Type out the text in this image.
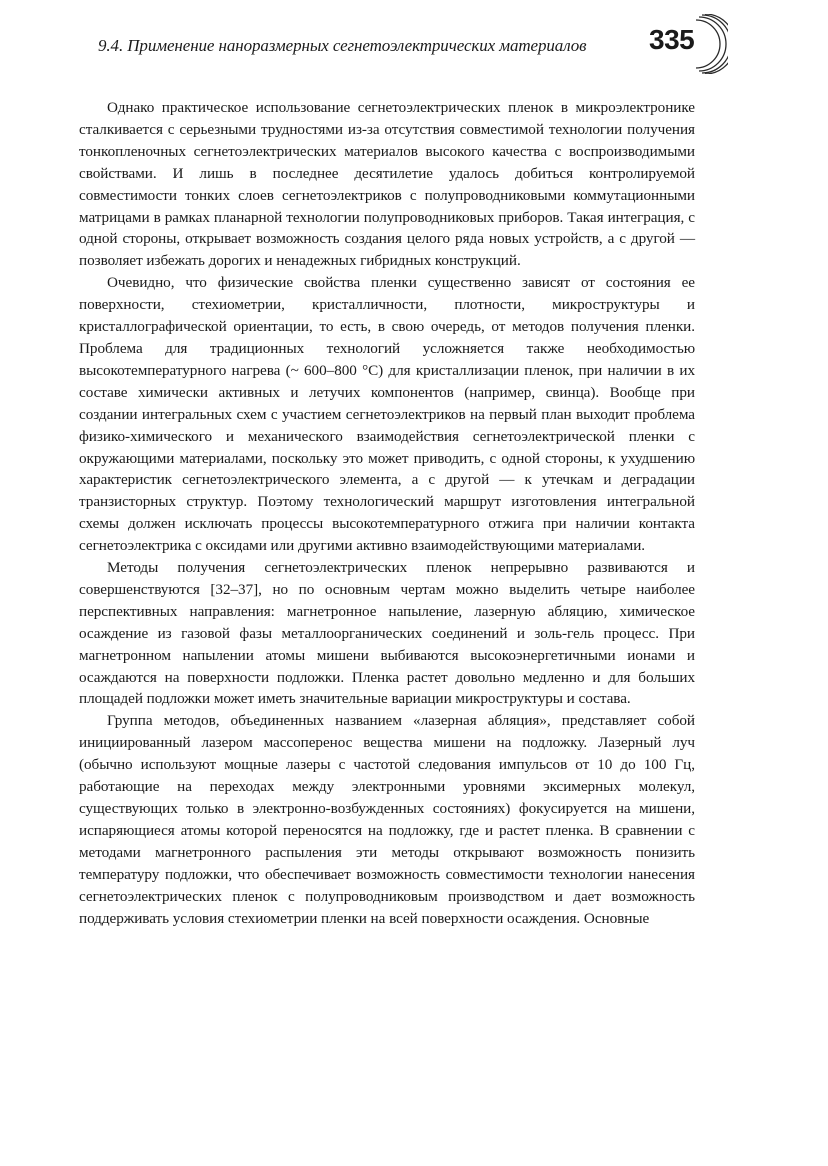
9.4. Применение наноразмерных сегнетоэлектрических материалов 335

Однако практическое использование сегнетоэлектрических пленок в микроэлектронике сталкивается с серьезными трудностями из-за отсутствия совместимой технологии получения тонкопленочных сегнетоэлектрических материалов высокого качества с воспроизводимыми свойствами. И лишь в последнее десятилетие удалось добиться контролируемой совместимости тонких слоев сегнетоэлектриков с полупроводниковыми коммутационными матрицами в рамках планарной технологии полупроводниковых приборов. Такая интеграция, с одной стороны, открывает возможность создания целого ряда новых устройств, а с другой — позволяет избежать дорогих и ненадежных гибридных конструкций.

Очевидно, что физические свойства пленки существенно зависят от состояния ее поверхности, стехиометрии, кристалличности, плотности, микроструктуры и кристаллографической ориентации, то есть, в свою очередь, от методов получения пленки. Проблема для традиционных технологий усложняется также необходимостью высокотемпературного нагрева (~ 600–800 °С) для кристаллизации пленок, при наличии в их составе химически активных и летучих компонентов (например, свинца). Вообще при создании интегральных схем с участием сегнетоэлектриков на первый план выходит проблема физико-химического и механического взаимодействия сегнетоэлектрической пленки с окружающими материалами, поскольку это может приводить, с одной стороны, к ухудшению характеристик сегнетоэлектрического элемента, а с другой — к утечкам и деградации транзисторных структур. Поэтому технологический маршрут изготовления интегральной схемы должен исключать процессы высокотемпературного отжига при наличии контакта сегнетоэлектрика с оксидами или другими активно взаимодействующими материалами.

Методы получения сегнетоэлектрических пленок непрерывно развиваются и совершенствуются [32–37], но по основным чертам можно выделить четыре наиболее перспективных направления: магнетронное напыление, лазерную абляцию, химическое осаждение из газовой фазы металлоорганических соединений и золь-гель процесс. При магнетронном напылении атомы мишени выбиваются высокоэнергетичными ионами и осаждаются на поверхности подложки. Пленка растет довольно медленно и для больших площадей подложки может иметь значительные вариации микроструктуры и состава.

Группа методов, объединенных названием «лазерная абляция», представляет собой инициированный лазером массоперенос вещества мишени на подложку. Лазерный луч (обычно используют мощные лазеры с частотой следования импульсов от 10 до 100 Гц, работающие на переходах между электронными уровнями эксимерных молекул, существующих только в электронно-возбужденных состояниях) фокусируется на мишени, испаряющиеся атомы которой переносятся на подложку, где и растет пленка. В сравнении с методами магнетронного распыления эти методы открывают возможность понизить температуру подложки, что обеспечивает возможность совместимости технологии нанесения сегнетоэлектрических пленок с полупроводниковым производством и дает возможность поддерживать условия стехиометрии пленки на всей поверхности осаждения. Основные
